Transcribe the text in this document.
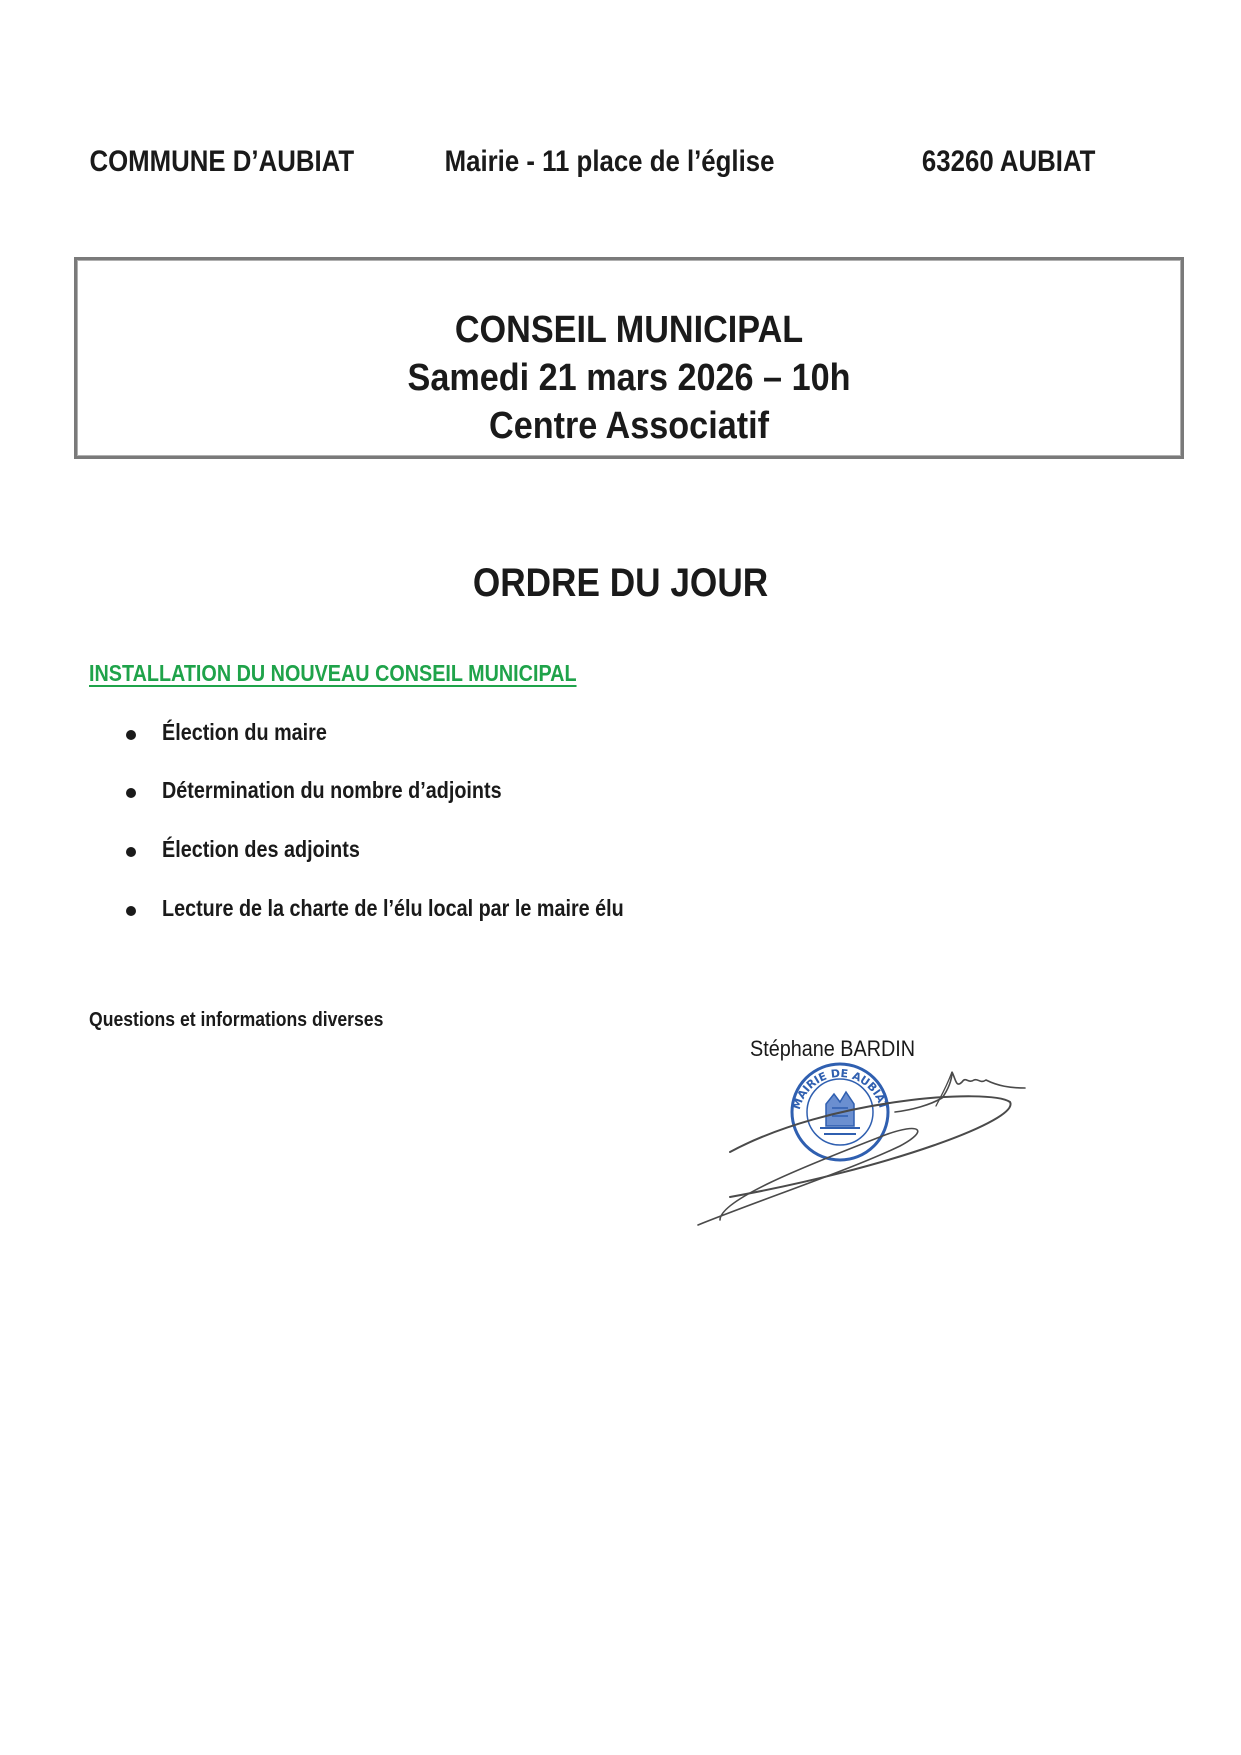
COMMUNE D’AUBIAT	Mairie - 11 place de l’église	63260 AUBIAT
CONSEIL MUNICIPAL
Samedi 21 mars 2026 – 10h
Centre Associatif
ORDRE DU JOUR
INSTALLATION DU NOUVEAU CONSEIL MUNICIPAL
Élection du maire
Détermination du nombre d’adjoints
Élection des adjoints
Lecture de la charte de l’élu local par le maire élu
Questions et informations diverses
Stéphane BARDIN
MAIRIE DE AUBIAT
